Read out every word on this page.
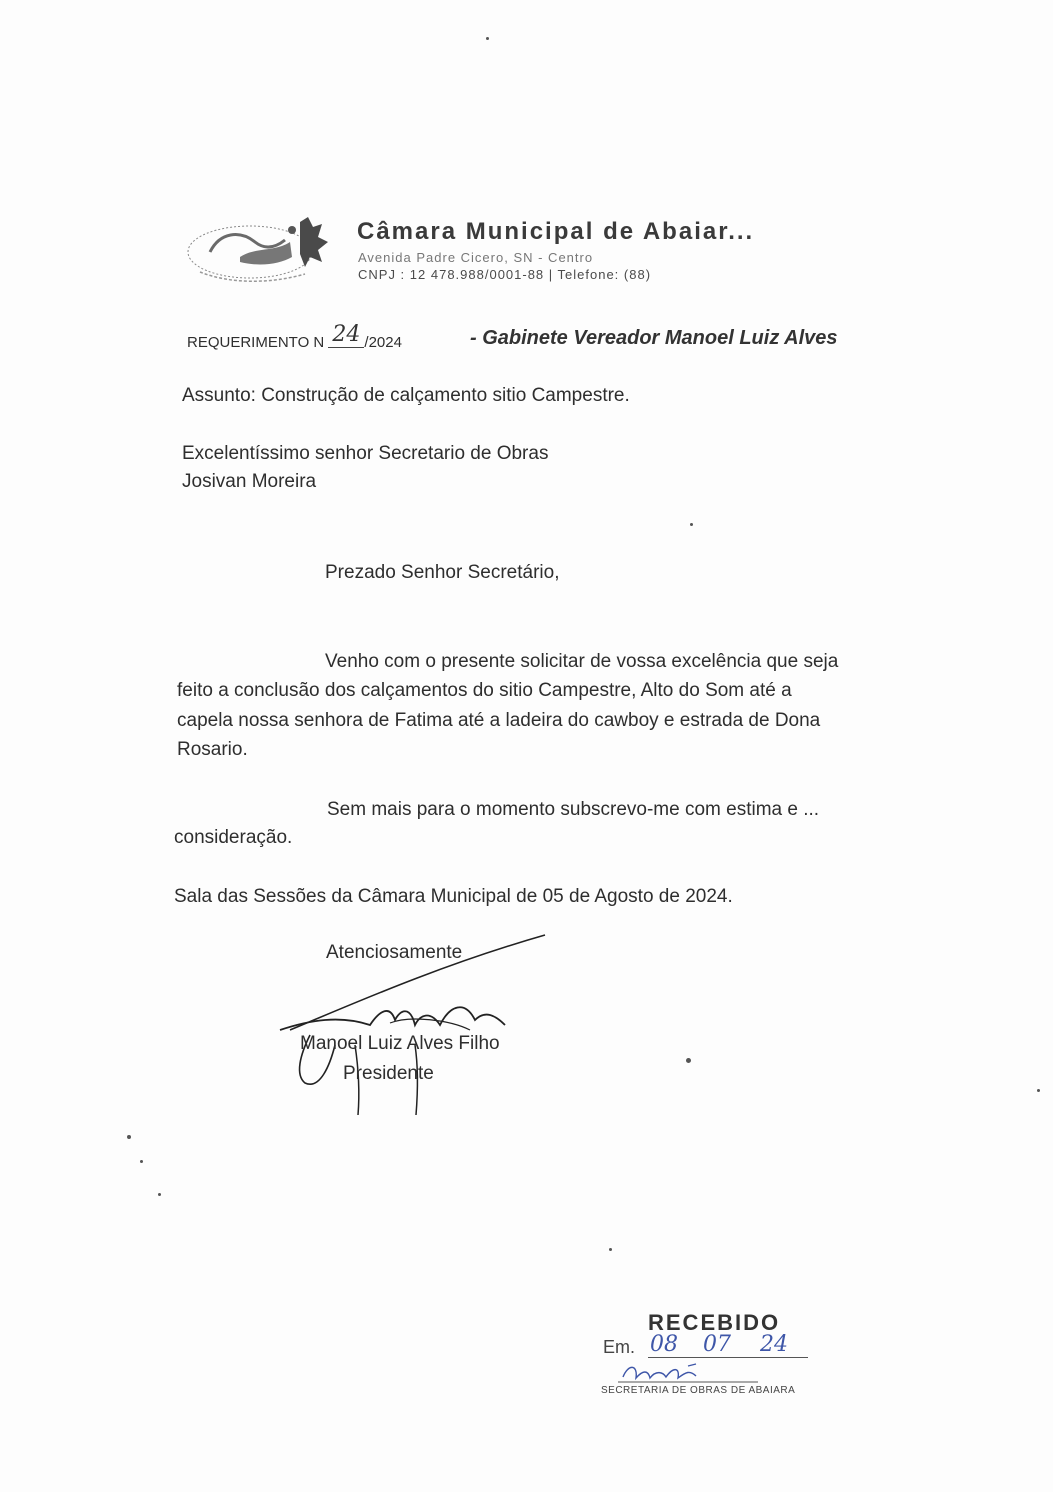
Câmara Municipal de Abaiar...
Avenida Padre Cicero, SN - Centro
CNPJ : 12 478.988/0001-88 | Telefone: (88)
REQUERIMENTO N 24 /2024	- Gabinete Vereador Manoel Luiz Alves
Assunto: Construção de calçamento sitio Campestre.
Excelentíssimo senhor Secretario de Obras
Josivan Moreira
Prezado Senhor Secretário,
Venho com o presente solicitar de vossa excelência que seja
feito a conclusão dos calçamentos do sitio Campestre, Alto do Som até a
capela nossa senhora de Fatima até a ladeira do cawboy e estrada de Dona
Rosario.
Sem mais para o momento subscrevo-me com estima e ...
consideração.
Sala das Sessões da Câmara Municipal de 05 de Agosto de 2024.
Atenciosamente
Manoel Luiz Alves Filho
Presidente
RECEBIDO
Em. 08 07 24
SECRETARIA DE OBRAS DE ABAIARA
